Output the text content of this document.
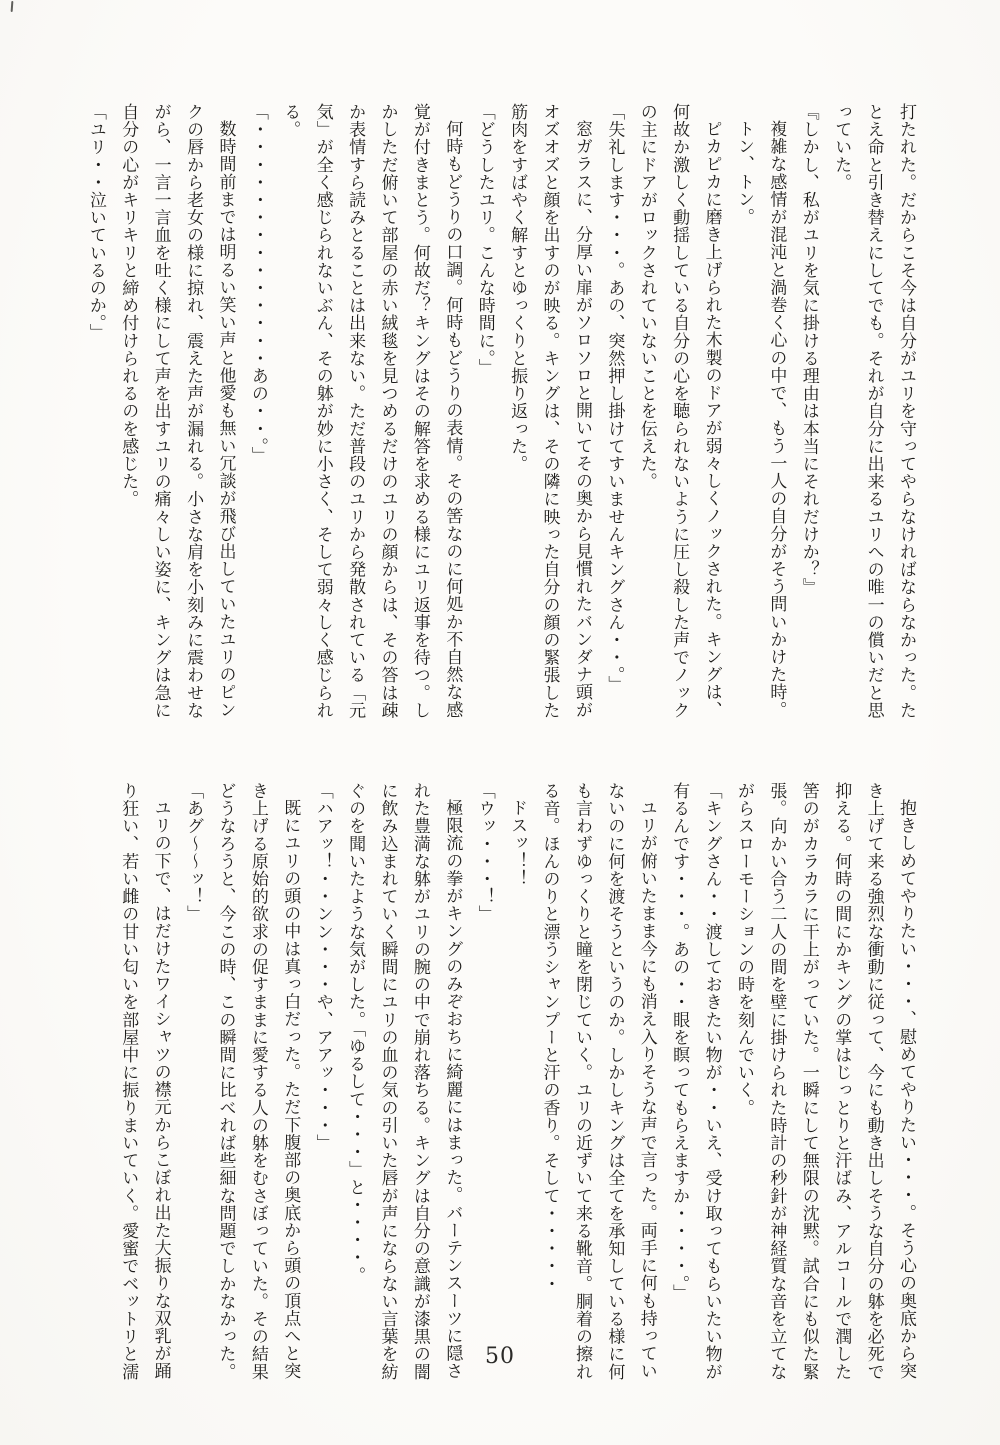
打たれた。だからこそ今は自分がユリを守ってやらなければならなかった。たとえ命と引き替えにしてでも。それが自分に出来るユリへの唯一の償いだと思っていた。

『しかし、私がユリを気に掛ける理由は本当にそれだけか？』

複雑な感情が混沌と渦巻く心の中で、もう一人の自分がそう問いかけた時。

トン、トン。

ピカピカに磨き上げられた木製のドアが弱々しくノックされた。キングは、何故か激しく動揺している自分の心を聴られないように圧し殺した声でノックの主にドアがロックされていないことを伝えた。

「失礼します・・・。あの、突然押し掛けてすいませんキングさん・・。」

窓ガラスに、分厚い扉がソロソロと開いてその奥から見慣れたバンダナ頭がオズオズと顔を出すのが映る。キングは、その隣に映った自分の顔の緊張した筋肉をすばやく解すとゆっくりと振り返った。

「どうしたユリ。こんな時間に。」

何時もどうりの口調。何時もどうりの表情。その筈なのに何処か不自然な感覚が付きまとう。何故だ？キングはその解答を求める様にユリ返事を待つ。しかしただ俯いて部屋の赤い絨毯を見つめるだけのユリの顔からは、その答は疎か表情すら読みとることは出来ない。ただ普段のユリから発散されている「元気」が全く感じられないぶん、その躰が妙に小さく、そして弱々しく感じられる。

「・・・・・・・・・・・・・・あの・・。」

数時間前までは明るい笑い声と他愛も無い冗談が飛び出していたユリのピンクの唇から老女の様に掠れ、震えた声が漏れる。小さな肩を小刻みに震わせながら、一言一言血を吐く様にして声を出すユリの痛々しい姿に、キングは急に自分の心がキリキリと締め付けられるのを感じた。

「ユリ・・泣いているのか。」

抱きしめてやりたい・・・、慰めてやりたい・・・。そう心の奥底から突き上げて来る強烈な衝動に従って、今にも動き出しそうな自分の躰を必死で抑える。何時の間にかキングの掌はじっとりと汗ばみ、アルコールで潤した筈のがカラカラに干上がっていた。一瞬にして無限の沈黙。試合にも似た緊張。向かい合う二人の間を壁に掛けられた時計の秒針が神経質な音を立てながらスローモーションの時を刻んでいく。

「キングさん・・渡しておきたい物が・・いえ、受け取ってもらいたい物が有るんです・・・。あの・・眼を瞑ってもらえますか・・・・。」

ユリが俯いたまま今にも消え入りそうな声で言った。両手に何も持っていないのに何を渡そうというのか。しかしキングは全てを承知している様に何も言わずゆっくりと瞳を閉じていく。ユリの近ずいて来る靴音。胴着の擦れる音。ほんのりと漂うシャンプーと汗の香り。そして・・・・・

ドスッ！！

「ウッ・・・！」

極限流の拳がキングのみぞおちに綺麗にはまった。バーテンスーツに隠された豊満な躰がユリの腕の中で崩れ落ちる。キングは自分の意識が漆黒の闇に飲み込まれていく瞬間にユリの血の気の引いた唇が声にならない言葉を紡ぐのを聞いたような気がした。「ゆるして・・・」と・・・・。

「ハアッ！・・ンン・・・や、アアッ・・・」

既にユリの頭の中は真っ白だった。ただ下腹部の奥底から頭の頂点へと突き上げる原始的欲求の促すままに愛する人の躰をむさぼっていた。その結果どうなろうと、今この時、この瞬間に比べれば些細な問題でしかなかった。

「あグ〜〜ッ！」

ユリの下で、はだけたワイシャツの襟元からこぼれ出た大振りな双乳が踊り狂い、若い雌の甘い匂いを部屋中に振りまいていく。愛蜜でベットリと濡	50
